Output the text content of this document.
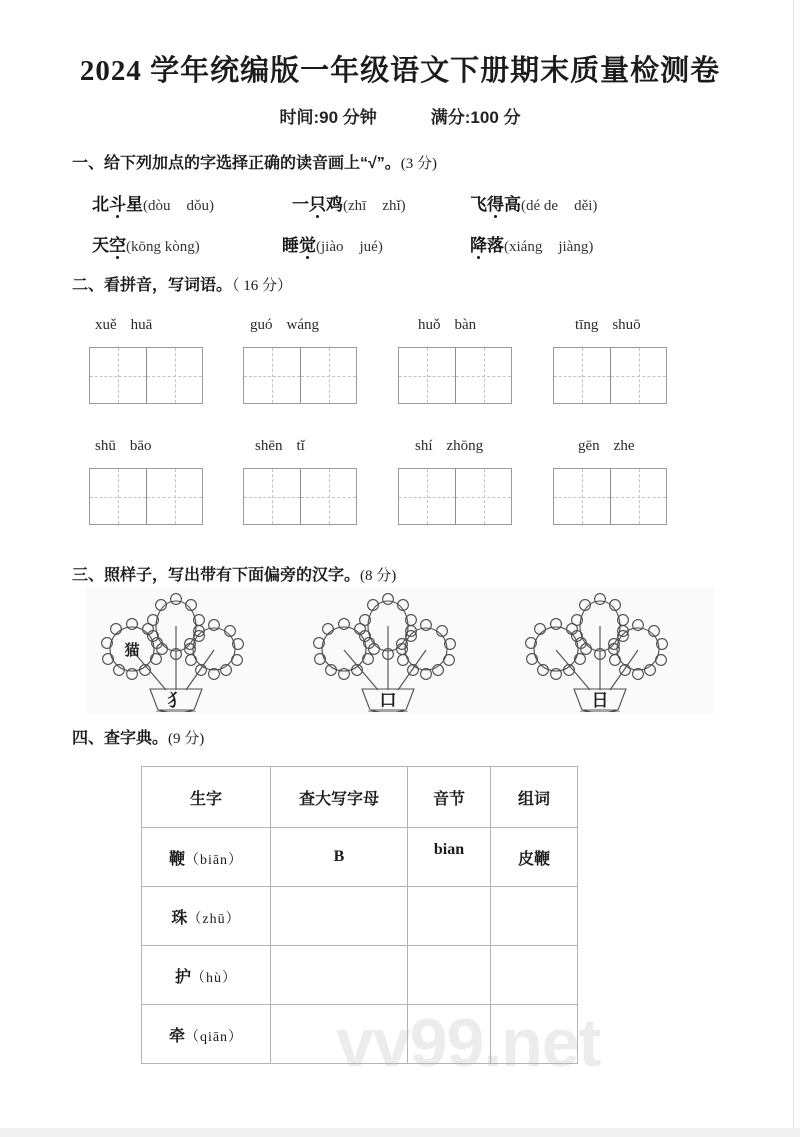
2024 学年统编版一年级语文下册期末质量检测卷
时间:90 分钟	满分:100 分
一、给下列加点的字选择正确的读音画上“√”。(3 分)
北斗星(dòu dǒu)	一只鸡(zhī zhǐ)	飞得高(dé de děi)
天空(kōng kòng)	睡觉(jiào jué)	降落(xiáng jiàng)
二、看拼音，写词语。（ 16 分）
xuě huā	guó wáng	huǒ bàn	tīng shuō
shū bāo	shēn tǐ	shí zhōng	gēn zhe
三、照样子，写出带有下面偏旁的汉字。(8 分)
猫
犭	口	日
四、查字典。(9 分)
vv99.net
生字	查大写字母	音节	组词
鞭（biān）	B	bian	皮鞭
珠（zhū）			
护（hù）			
牵（qiān）			
